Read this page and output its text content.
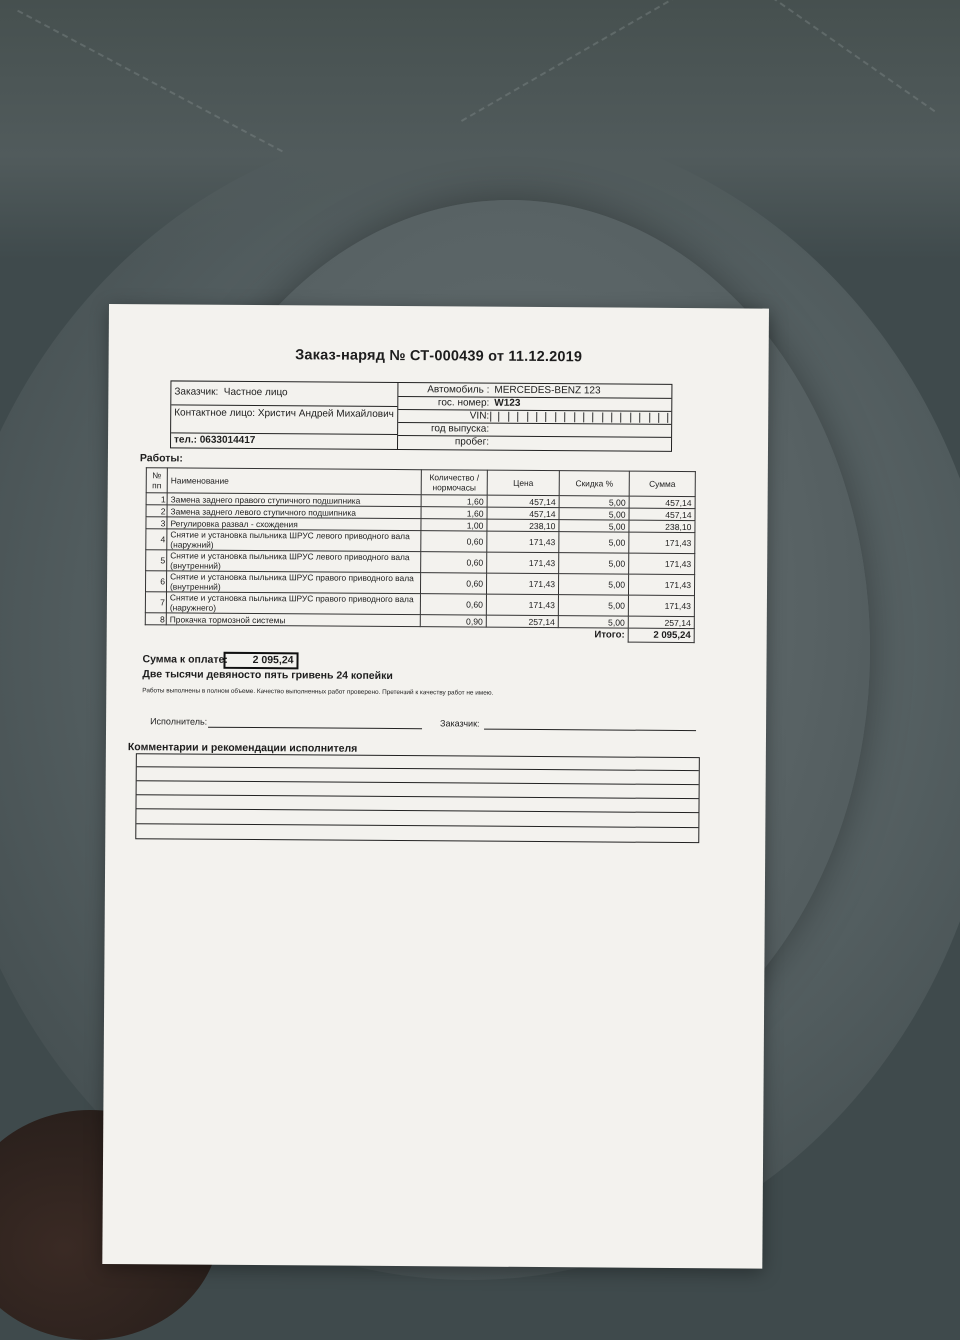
Заказ-наряд № СТ-000439 от 11.12.2019
Заказчик: Частное лицо
Контактное лицо: Христич Андрей Михайлович
тел.: 0633014417
Автомобиль : MERCEDES-BENZ 123
гос. номер: W123
VIN:
год выпуска:
пробег:
Работы:
№ пп	Наименование	Количество / нормочасы	Цена	Скидка %	Сумма
1	Замена заднего правого ступичного подшипника	1,60	457,14	5,00	457,14
2	Замена заднего левого ступичного подшипника	1,60	457,14	5,00	457,14
3	Регулировка развал - схождения	1,00	238,10	5,00	238,10
4	Снятие и установка пыльника ШРУС левого приводного вала (наружний)	0,60	171,43	5,00	171,43
5	Снятие и установка пыльника ШРУС левого приводного вала (внутренний)	0,60	171,43	5,00	171,43
6	Снятие и установка пыльника ШРУС правого приводного вала (внутренний)	0,60	171,43	5,00	171,43
7	Снятие и установка пыльника ШРУС правого приводного вала (наружнего)	0,60	171,43	5,00	171,43
8	Прокачка тормозной системы	0,90	257,14	5,00	257,14
				Итого:	2 095,24
Сумма к оплате:	2 095,24
Две тысячи девяносто пять гривень 24 копейки
Работы выполнены в полном объеме. Качество выполненных работ проверено. Претензий к качеству работ не имею.
Исполнитель:	Заказчик:
Комментарии и рекомендации исполнителя
